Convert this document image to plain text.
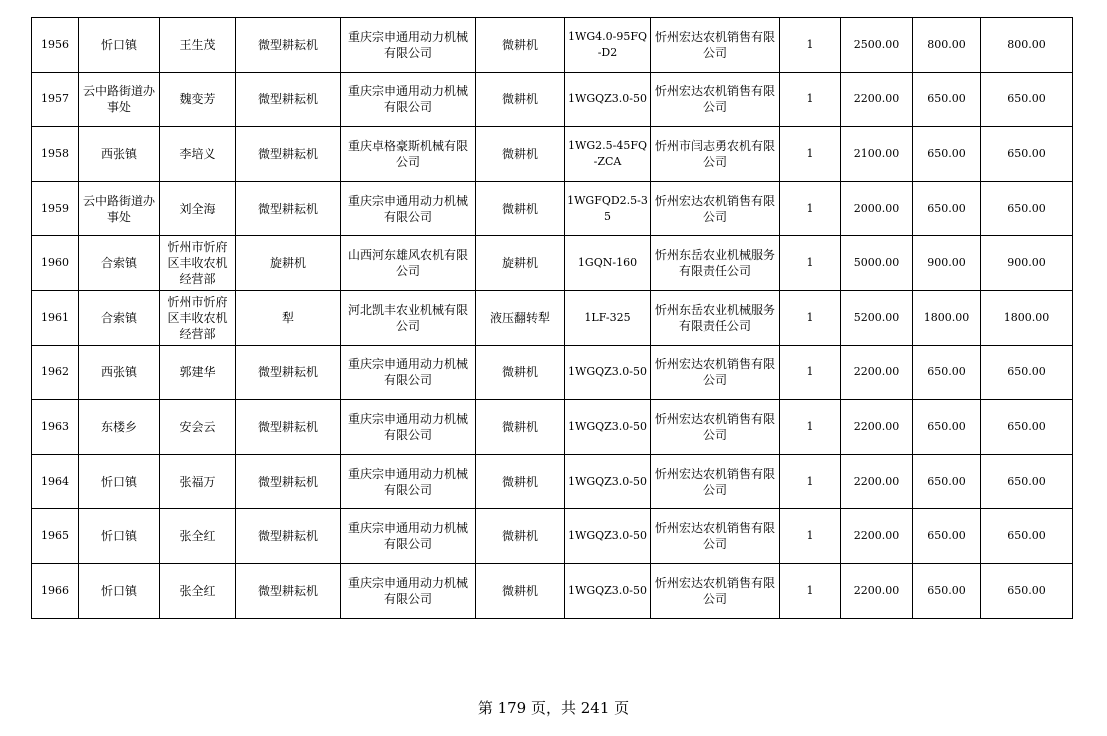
1956	忻口镇	王生茂	微型耕耘机	重庆宗申通用动力机械有限公司	微耕机	1WG4.0-95FQ-D2	忻州宏达农机销售有限公司	1	2500.00	800.00	800.00
1957	云中路街道办事处	魏变芳	微型耕耘机	重庆宗申通用动力机械有限公司	微耕机	1WGQZ3.0-50	忻州宏达农机销售有限公司	1	2200.00	650.00	650.00
1958	西张镇	李培义	微型耕耘机	重庆卓格豪斯机械有限公司	微耕机	1WG2.5-45FQ-ZCA	忻州市闫志勇农机有限公司	1	2100.00	650.00	650.00
1959	云中路街道办事处	刘全海	微型耕耘机	重庆宗申通用动力机械有限公司	微耕机	1WGFQD2.5-35	忻州宏达农机销售有限公司	1	2000.00	650.00	650.00
1960	合索镇	忻州市忻府区丰收农机经营部	旋耕机	山西河东雄风农机有限公司	旋耕机	1GQN-160	忻州东岳农业机械服务有限责任公司	1	5000.00	900.00	900.00
1961	合索镇	忻州市忻府区丰收农机经营部	犁	河北凯丰农业机械有限公司	液压翻转犁	1LF-325	忻州东岳农业机械服务有限责任公司	1	5200.00	1800.00	1800.00
1962	西张镇	郭建华	微型耕耘机	重庆宗申通用动力机械有限公司	微耕机	1WGQZ3.0-50	忻州宏达农机销售有限公司	1	2200.00	650.00	650.00
1963	东楼乡	安会云	微型耕耘机	重庆宗申通用动力机械有限公司	微耕机	1WGQZ3.0-50	忻州宏达农机销售有限公司	1	2200.00	650.00	650.00
1964	忻口镇	张福万	微型耕耘机	重庆宗申通用动力机械有限公司	微耕机	1WGQZ3.0-50	忻州宏达农机销售有限公司	1	2200.00	650.00	650.00
1965	忻口镇	张全红	微型耕耘机	重庆宗申通用动力机械有限公司	微耕机	1WGQZ3.0-50	忻州宏达农机销售有限公司	1	2200.00	650.00	650.00
1966	忻口镇	张全红	微型耕耘机	重庆宗申通用动力机械有限公司	微耕机	1WGQZ3.0-50	忻州宏达农机销售有限公司	1	2200.00	650.00	650.00
第 179 页，共 241 页
